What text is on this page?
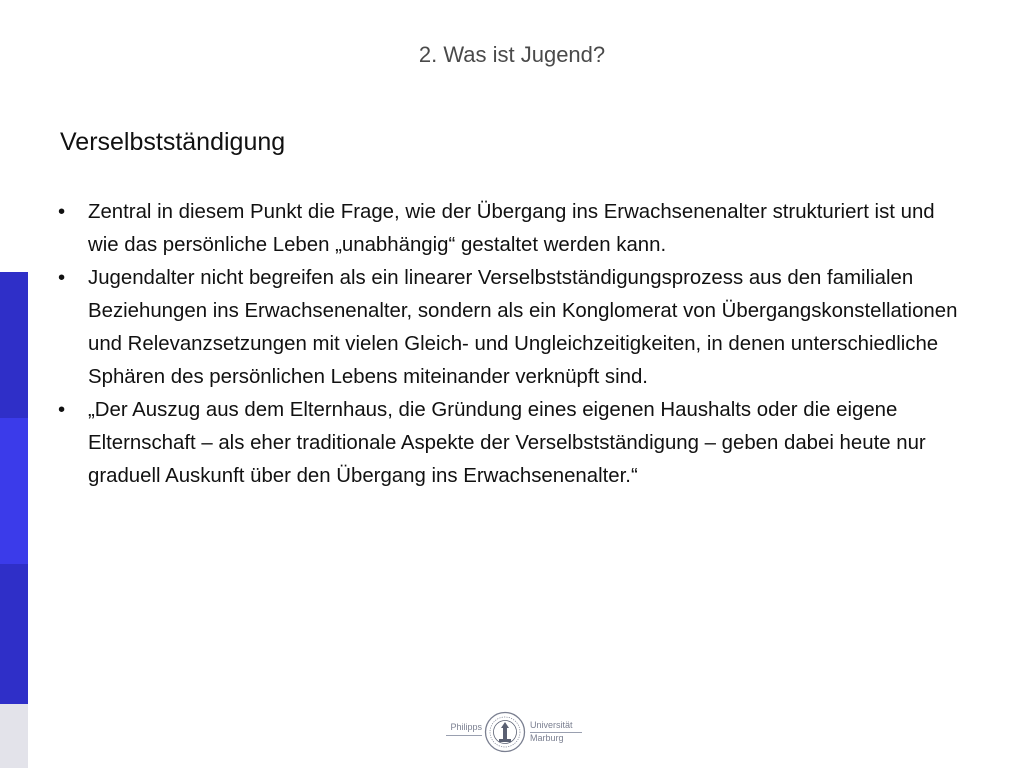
2. Was ist Jugend?
Verselbstständigung
•	Zentral in diesem Punkt die Frage, wie der Übergang ins Erwachsenenalter strukturiert ist und wie das persönliche Leben „unabhängig“ gestaltet werden kann.
•	Jugendalter nicht begreifen als ein linearer Verselbstständigungsprozess aus den familialen Beziehungen ins Erwachsenenalter, sondern als ein Konglomerat von Übergangskonstellationen und Relevanzsetzungen mit vielen Gleich- und Ungleichzeitigkeiten, in denen unterschiedliche Sphären des persönlichen Lebens miteinander verknüpft sind.
•	„Der Auszug aus dem Elternhaus, die Gründung eines eigenen Haushalts oder die eigene Elternschaft – als eher traditionale Aspekte der Verselbstständigung – geben dabei heute nur graduell Auskunft über den Übergang ins Erwachsenenalter.“
Philipps	Universität
Marburg
